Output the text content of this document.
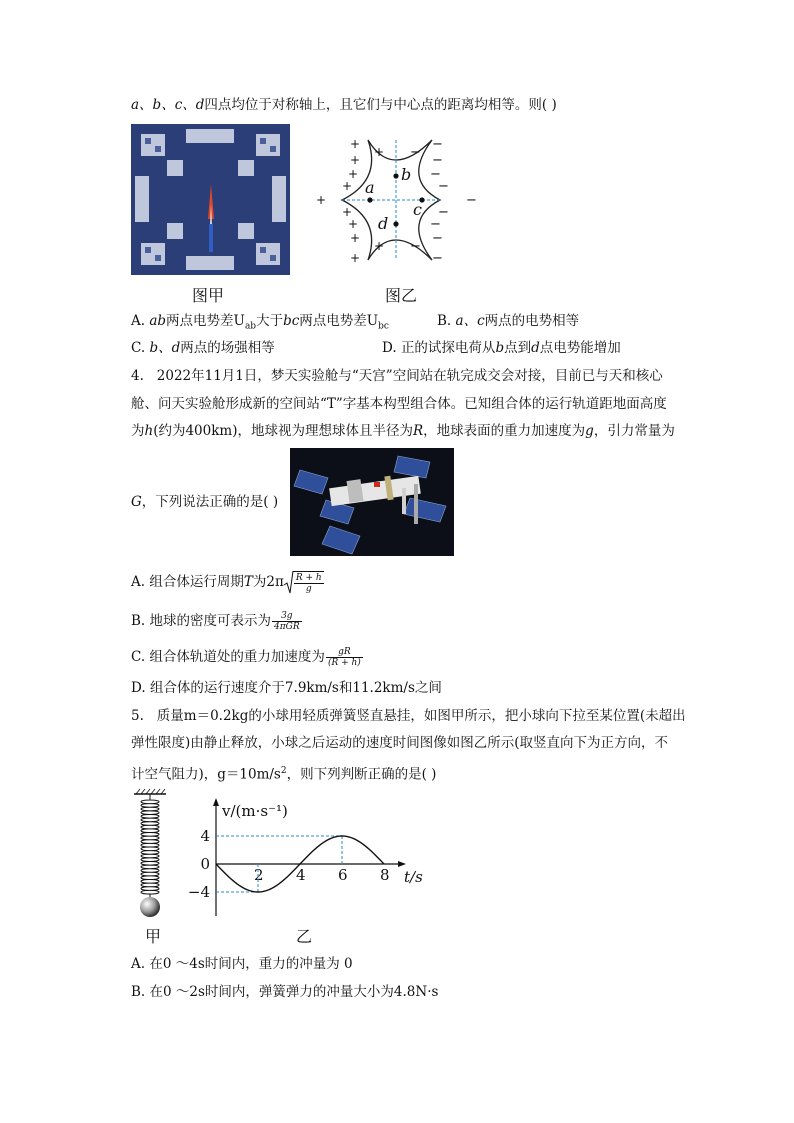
a、b、c、d四点均位于对称轴上，且它们与中心点的距离均相等。则( )
图甲
a
b
c
d
+
+
+
+
+
+
+
+
+
+
+
−
−
−
−
−
−
−
−
−
−
−
图乙
A. ab两点电势差$U_{ab}$大于bc两点电势差$U_{bc}$	B. a、c两点的电势相等
C. b、d两点的场强相等	D. 正的试探电荷从b点到d点电势能增加
4. 2022年11月1日，梦天实验舱与“天宫”空间站在轨完成交会对接，目前已与天和核心
舱、问天实验舱形成新的空间站“T”字基本构型组合体。已知组合体的运行轨道距地面高度
为h(约为400km)，地球视为理想球体且半径为R，地球表面的重力加速度为g，引力常量为
G，下列说法正确的是( )
A. 组合体运行周期T为$2\pi \frac{R + h}{g}$
B. 地球的密度可表示为 $\frac{3g}{\text{4πGR}}$
C. 组合体轨道处的重力加速度为 $\frac{gR}{(R + h)}$
D. 组合体的运行速度介于7.9km/s和11.2km/s之间
5. 质量m＝0.2kg的小球用轻质弹簧竖直悬挂，如图甲所示，把小球向下拉至某位置(未超出
弹性限度)由静止释放，小球之后运动的速度时间图像如图乙所示(取竖直向下为正方向，不
计空气阻力)，$g=10m/s^2$，则下列判断正确的是( )
甲
v/(m·s⁻¹)
t/s
4
0
−4
2 4 6 8
乙
A. 在0 ～4s时间内，重力的冲量为 0
B. 在0 ～2s时间内，弹簧弹力的冲量大小为4.8N·s
